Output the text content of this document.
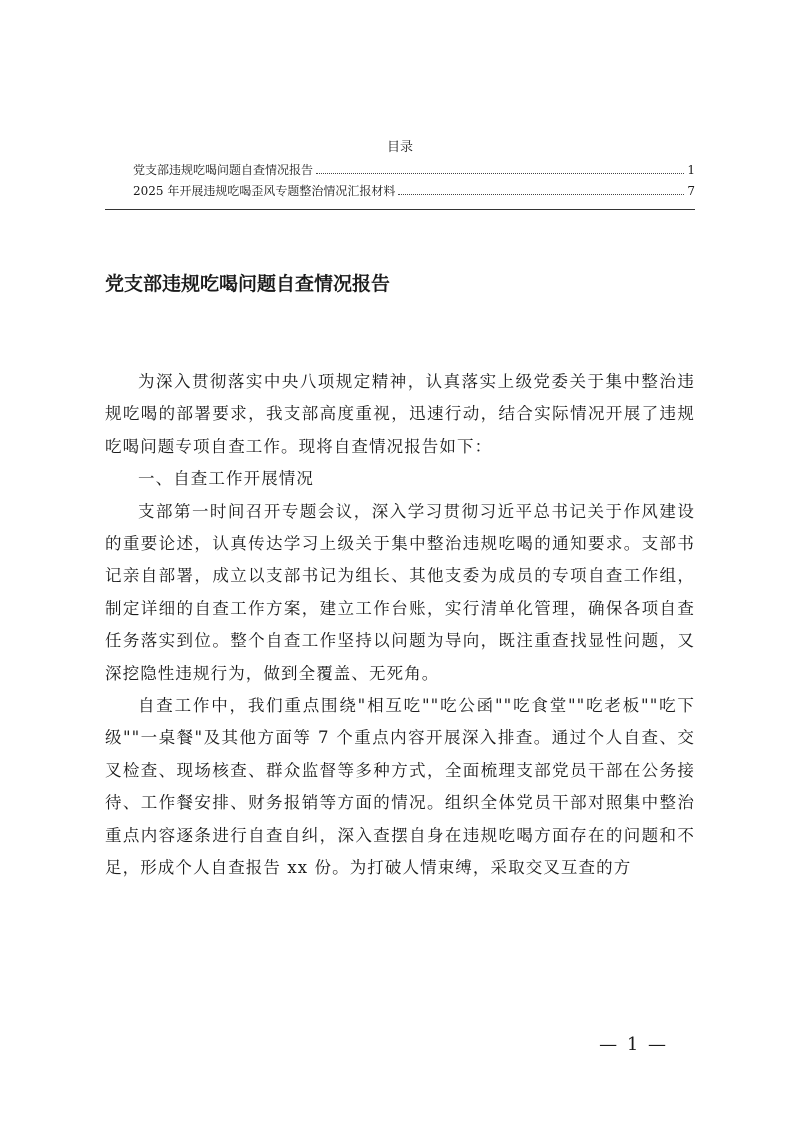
目录
党支部违规吃喝问题自查情况报告	1
2025 年开展违规吃喝歪风专题整治情况汇报材料	7
党支部违规吃喝问题自查情况报告

为深入贯彻落实中央八项规定精神，认真落实上级党委关于集中整治违规吃喝的部署要求，我支部高度重视，迅速行动，结合实际情况开展了违规吃喝问题专项自查工作。现将自查情况报告如下：

一、自查工作开展情况

支部第一时间召开专题会议，深入学习贯彻习近平总书记关于作风建设的重要论述，认真传达学习上级关于集中整治违规吃喝的通知要求。支部书记亲自部署，成立以支部书记为组长、其他支委为成员的专项自查工作组，制定详细的自查工作方案，建立工作台账，实行清单化管理，确保各项自查任务落实到位。整个自查工作坚持以问题为导向，既注重查找显性问题，又深挖隐性违规行为，做到全覆盖、无死角。

自查工作中，我们重点围绕"相互吃""吃公函""吃食堂""吃老板""吃下级""一桌餐"及其他方面等 7 个重点内容开展深入排查。通过个人自查、交叉检查、现场核查、群众监督等多种方式，全面梳理支部党员干部在公务接待、工作餐安排、财务报销等方面的情况。组织全体党员干部对照集中整治重点内容逐条进行自查自纠，深入查摆自身在违规吃喝方面存在的问题和不足，形成个人自查报告 xx 份。为打破人情束缚，采取交叉互查的方

— 1 —
